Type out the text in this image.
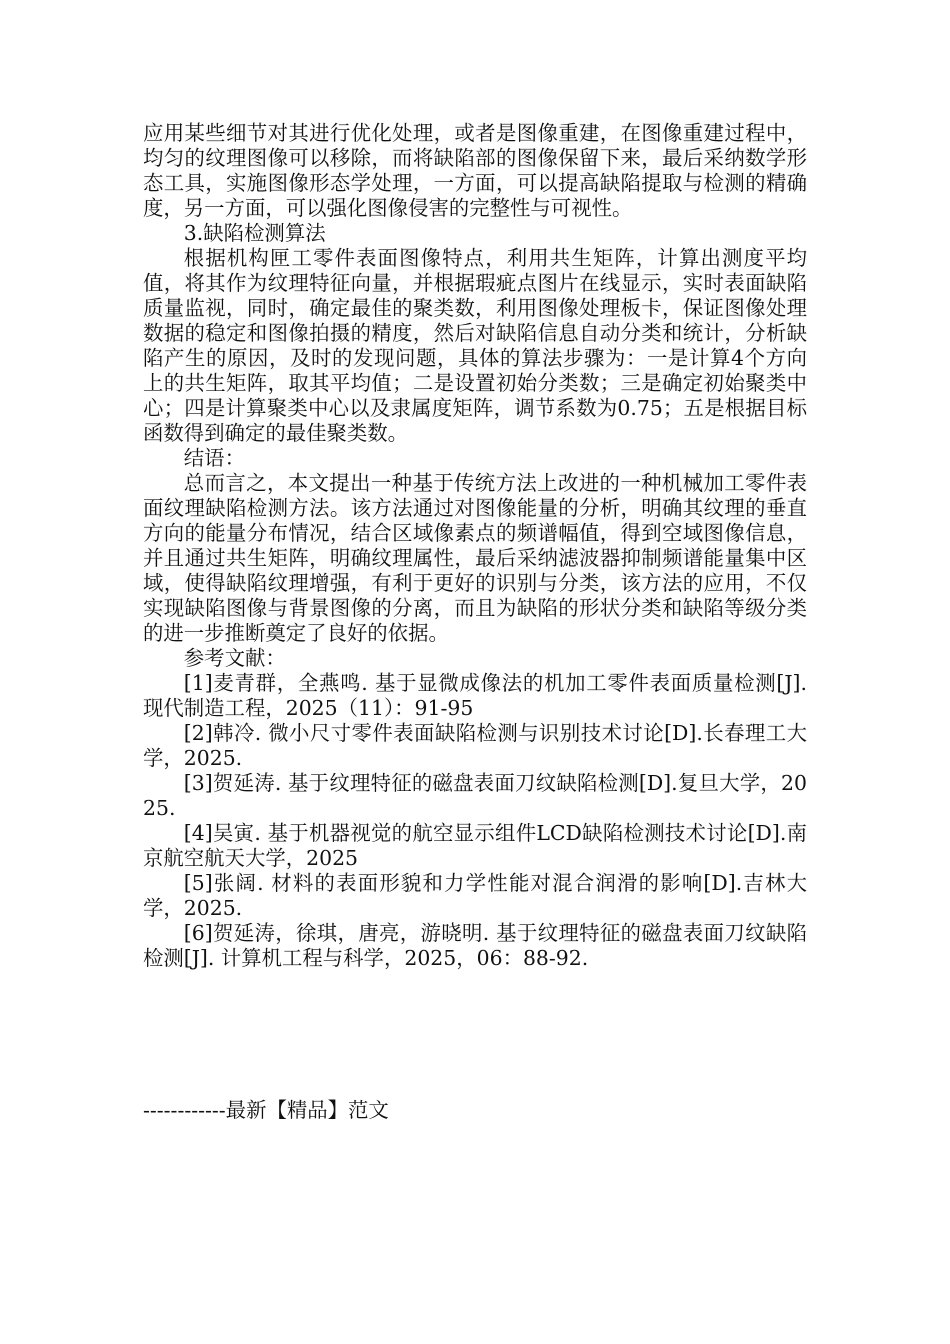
应用某些细节对其进行优化处理，或者是图像重建，在图像重建过程中，均匀的纹理图像可以移除，而将缺陷部的图像保留下来，最后采纳数学形态工具，实施图像形态学处理，一方面，可以提高缺陷提取与检测的精确度，另一方面，可以强化图像侵害的完整性与可视性。

3.缺陷检测算法

根据机构匣工零件表面图像特点，利用共生矩阵，计算出测度平均值，将其作为纹理特征向量，并根据瑕疵点图片在线显示，实时表面缺陷质量监视，同时，确定最佳的聚类数，利用图像处理板卡，保证图像处理数据的稳定和图像拍摄的精度，然后对缺陷信息自动分类和统计，分析缺陷产生的原因，及时的发现问题，具体的算法步骤为：一是计算4个方向上的共生矩阵，取其平均值；二是设置初始分类数；三是确定初始聚类中心；四是计算聚类中心以及隶属度矩阵，调节系数为0.75；五是根据目标函数得到确定的最佳聚类数。

结语：

总而言之，本文提出一种基于传统方法上改进的一种机械加工零件表面纹理缺陷检测方法。该方法通过对图像能量的分析，明确其纹理的垂直方向的能量分布情况，结合区域像素点的频谱幅值，得到空域图像信息，并且通过共生矩阵，明确纹理属性，最后采纳滤波器抑制频谱能量集中区域，使得缺陷纹理增强，有利于更好的识别与分类，该方法的应用，不仅实现缺陷图像与背景图像的分离，而且为缺陷的形状分类和缺陷等级分类的进一步推断奠定了良好的依据。

参考文献：

[1]麦青群，全燕鸣. 基于显微成像法的机加工零件表面质量检测[J]. 现代制造工程，2025（11）：91-95

[2]韩冷. 微小尺寸零件表面缺陷检测与识别技术讨论[D].长春理工大学，2025.

[3]贺延涛. 基于纹理特征的磁盘表面刀纹缺陷检测[D].复旦大学，2025.

[4]吴寅. 基于机器视觉的航空显示组件LCD缺陷检测技术讨论[D].南京航空航天大学，2025

[5]张阔. 材料的表面形貌和力学性能对混合润滑的影响[D].吉林大学，2025.

[6]贺延涛，徐琪，唐亮，游晓明. 基于纹理特征的磁盘表面刀纹缺陷检测[J]. 计算机工程与科学，2025，06：88-92.

------------最新【精品】范文
